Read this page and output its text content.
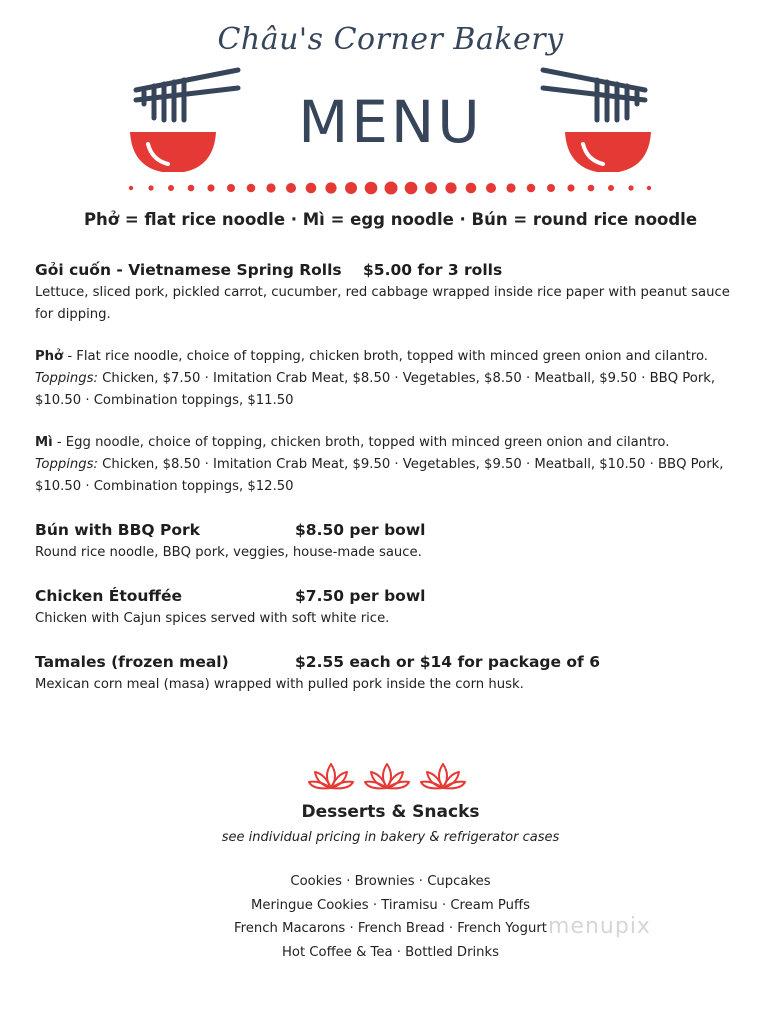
Châu's Corner Bakery
MENU
Phở = flat rice noodle · Mì = egg noodle · Bún = round rice noodle
Gỏi cuốn - Vietnamese Spring Rolls $5.00 for 3 rolls
Lettuce, sliced pork, pickled carrot, cucumber, red cabbage wrapped inside rice paper with peanut sauce for dipping.
Phở - Flat rice noodle, choice of topping, chicken broth, topped with minced green onion and cilantro.
Toppings: Chicken, $7.50 · Imitation Crab Meat, $8.50 · Vegetables, $8.50 · Meatball, $9.50 · BBQ Pork, $10.50 · Combination toppings, $11.50
Mì - Egg noodle, choice of topping, chicken broth, topped with minced green onion and cilantro.
Toppings: Chicken, $8.50 · Imitation Crab Meat, $9.50 · Vegetables, $9.50 · Meatball, $10.50 · BBQ Pork, $10.50 · Combination toppings, $12.50
Bún with BBQ Pork	$8.50 per bowl
Round rice noodle, BBQ pork, veggies, house-made sauce.
Chicken Étouffée	$7.50 per bowl
Chicken with Cajun spices served with soft white rice.
Tamales (frozen meal)	$2.55 each or $14 for package of 6
Mexican corn meal (masa) wrapped with pulled pork inside the corn husk.
Desserts & Snacks
see individual pricing in bakery & refrigerator cases
Cookies · Brownies · Cupcakes
Meringue Cookies · Tiramisu · Cream Puffs
French Macarons · French Bread · French Yogurt
Hot Coffee & Tea · Bottled Drinks
menupix
